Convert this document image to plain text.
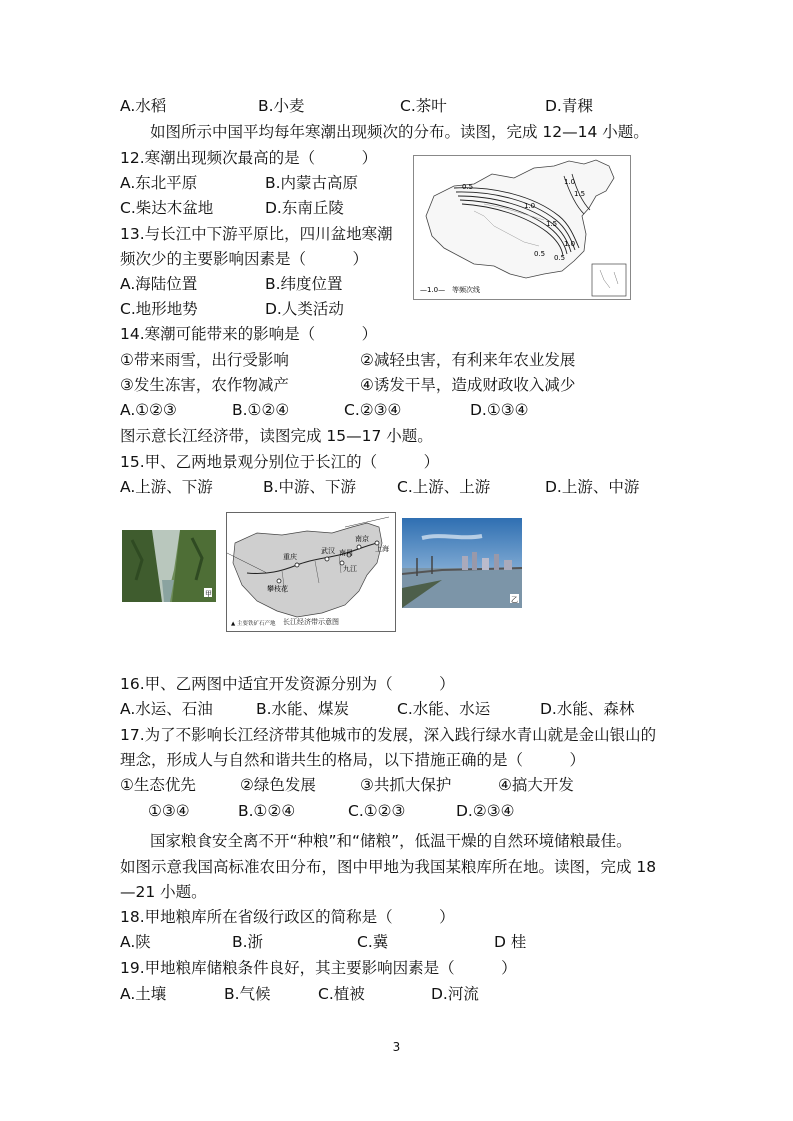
A.水稻	B.小麦	C.茶叶	D.青稞
如图所示中国平均每年寒潮出现频次的分布。读图，完成 12—14 小题。
12.寒潮出现频次最高的是（　　　）
A.东北平原	B.内蒙古高原
C.柴达木盆地	D.东南丘陵
13.与长江中下游平原比，四川盆地寒潮
频次少的主要影响因素是（　　　）
A.海陆位置	B.纬度位置
C.地形地势	D.人类活动
0.5
1.0
1.5
1.0
1.5
1.0
0.5 0.5
—1.0— 等频次线
14.寒潮可能带来的影响是（　　　）
①带来雨雪，出行受影响	②减轻虫害，有利来年农业发展
③发生冻害，农作物减产	④诱发干旱，造成财政收入减少
A.①②③	B.①②④	C.②③④	D.①③④
图示意长江经济带，读图完成 15—17 小题。
15.甲、乙两地景观分别位于长江的（　　　）
A.上游、下游	B.中游、下游	C.上游、上游	D.上游、中游
甲
重庆
武汉 南昌
南京
九江
上海
攀枝花
▲ 主要铁矿石产地 长江经济带示意图
乙
16.甲、乙两图中适宜开发资源分别为（　　　）
A.水运、石油	B.水能、煤炭	C.水能、水运	D.水能、森林
17.为了不影响长江经济带其他城市的发展，深入践行绿水青山就是金山银山的
理念，形成人与自然和谐共生的格局，以下措施正确的是（　　　）
①生态优先	②绿色发展	③共抓大保护	④搞大开发
①③④	B.①②④	C.①②③	D.②③④
国家粮食安全离不开“种粮”和“储粮”，低温干燥的自然环境储粮最佳。
如图示意我国高标准农田分布，图中甲地为我国某粮库所在地。读图，完成 18
—21 小题。
18.甲地粮库所在省级行政区的简称是（　　　）
A.陕	B.浙	C.冀	D 桂
19.甲地粮库储粮条件良好，其主要影响因素是（　　　）
A.土壤	B.气候	C.植被	D.河流
3
